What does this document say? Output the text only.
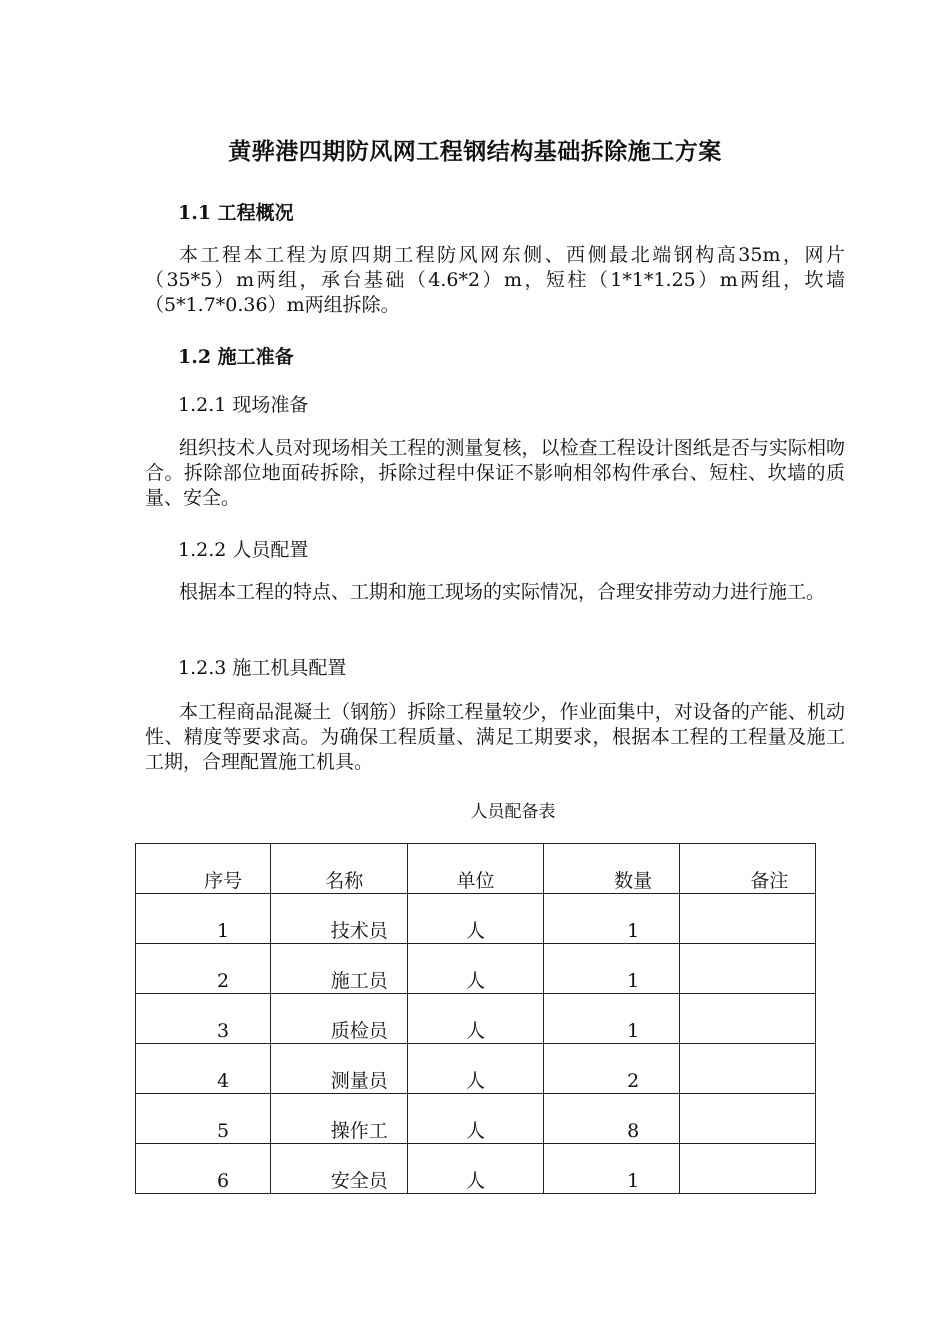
黄骅港四期防风网工程钢结构基础拆除施工方案
1.1 工程概况
本工程本工程为原四期工程防风网东侧、西侧最北端钢构高35m，网片（35*5）m两组，承台基础（4.6*2）m，短柱（1*1*1.25）m两组，坎墙（5*1.7*0.36）m两组拆除。
1.2 施工准备
1.2.1 现场准备
组织技术人员对现场相关工程的测量复核，以检查工程设计图纸是否与实际相吻合。拆除部位地面砖拆除，拆除过程中保证不影响相邻构件承台、短柱、坎墙的质量、安全。
1.2.2 人员配置
根据本工程的特点、工期和施工现场的实际情况，合理安排劳动力进行施工。
1.2.3 施工机具配置
本工程商品混凝土（钢筋）拆除工程量较少，作业面集中，对设备的产能、机动性、精度等要求高。为确保工程质量、满足工期要求，根据本工程的工程量及施工工期，合理配置施工机具。
人员配备表
序号	名称	单位	数量	备注
1	技术员	人	1	
2	施工员	人	1	
3	质检员	人	1	
4	测量员	人	2	
5	操作工	人	8	
6	安全员	人	1	
